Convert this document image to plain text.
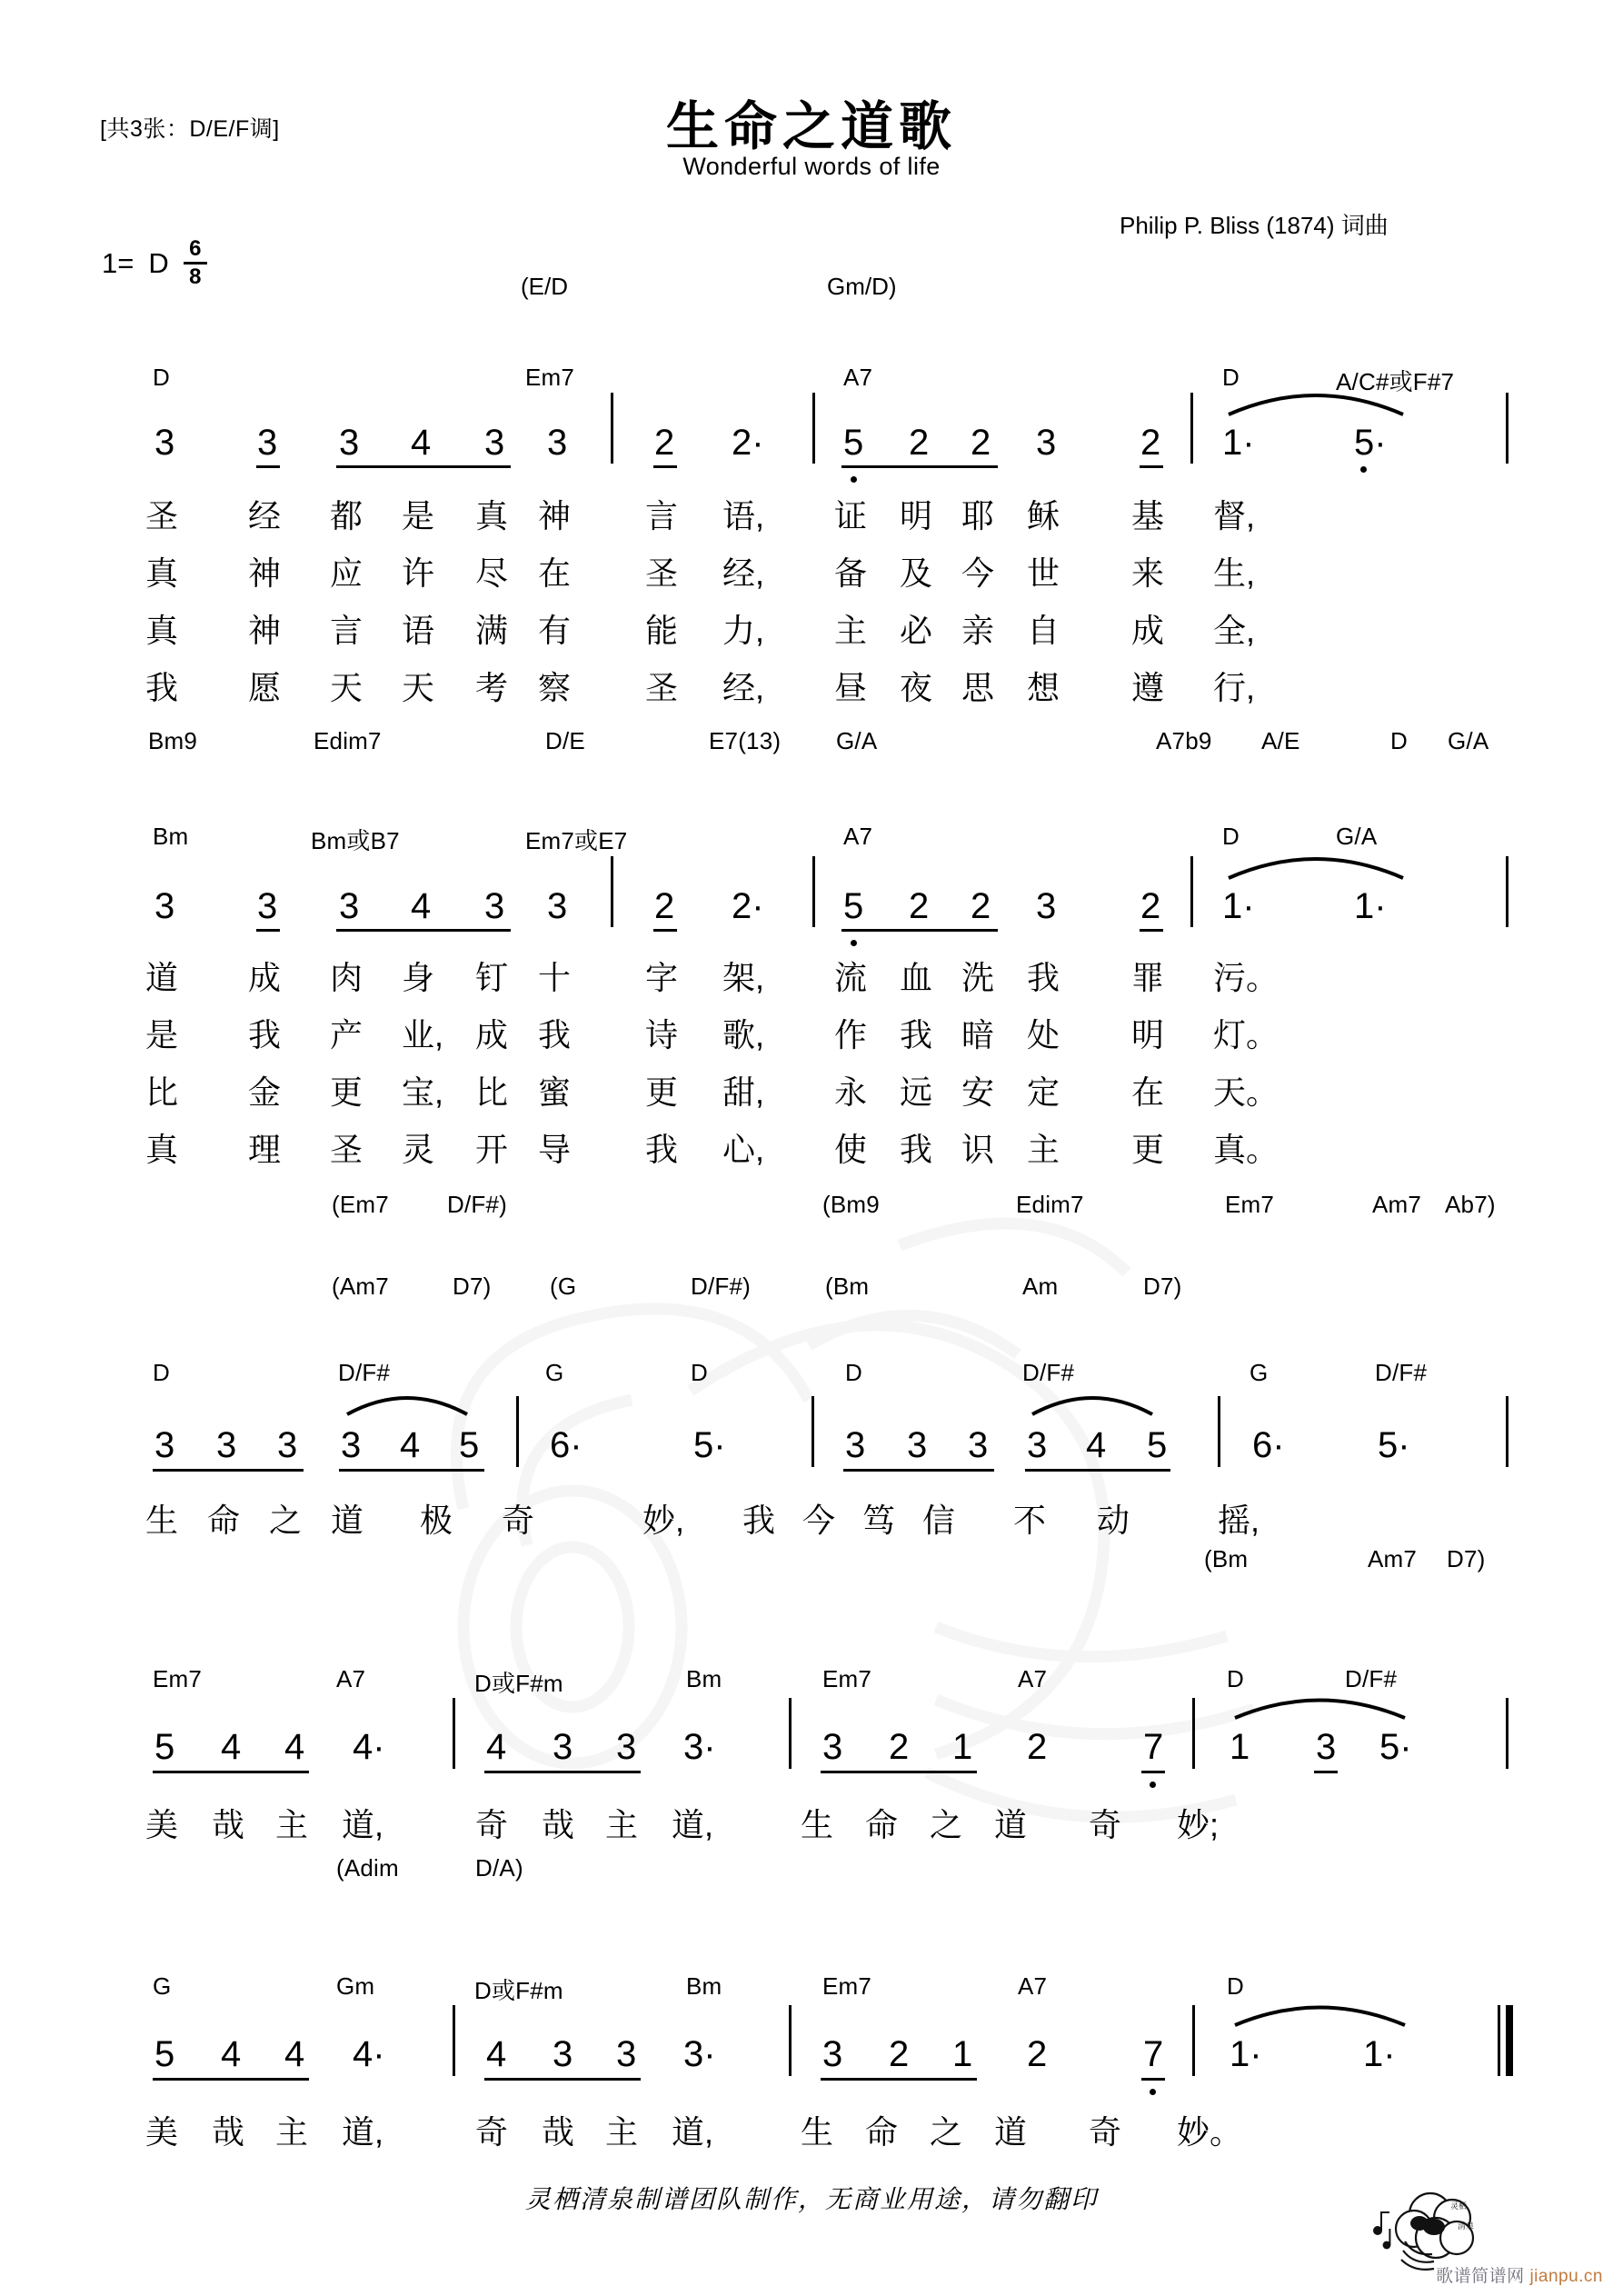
[共3张：D/E/F调]	生命之道歌
Wonderful words of life
Philip P. Bliss (1874) 词曲
1= D $\frac{6}{8}$	(E/D	Gm/D)
D	Em7	A7	D	A/C#或F#7
3 3 3 4 3 3 2 2· 5 2 2 3 2 1·	5·
圣 经 都 是 真 神 言 语, 证 明 耶 稣 基 督,
真 神 应 许 尽 在 圣 经, 备 及 今 世 来 生,
真 神 言 语 满 有 能 力, 主 必 亲 自 成 全,
我 愿 天 天 考 察 圣 经, 昼 夜 思 想 遵 行,
Bm9	Edim7	D/E	E7(13) G/A	A7b9 A/E	D G/A
Bm	Bm或B7	Em7或E7	A7	D	G/A
3 3 3 4 3 3 2 2· 5 2 2 3 2 1·	1·
道 成 肉 身 钉 十 字 架, 流 血 洗 我 罪 污。
是 我 产 业, 成 我 诗 歌, 作 我 暗 处 明 灯。
比 金 更 宝, 比 蜜 更 甜, 永 远 安 定 在 天。
真 理 圣 灵 开 导 我 心, 使 我 识 主 更 真。
(Em7 D/F#)	(Bm9	Edim7	Em7	Am7 Ab7)
(Am7	D7) (G	D/F#)	(Bm	Am	D7)
D	D/F#	G	D	D	D/F#	G	D/F#
3 3 3 3 4 5 6·	5·	3 3 3 3 4 5 6·	5·
生 命 之 道 极 奇	妙, 我 今 笃 信 不 动	摇,
(Bm	Am7 D7)
Em7	A7	D或F#m	Bm	Em7	A7	D	D/F#
5 4 4 4·	4 3 3 3·	3 2 1 2	7 1 3 5·
美 哉 主 道,	奇 哉 主 道,	生 命 之 道 奇 妙;
(Adim	D/A)
G	Gm	D或F#m	Bm	Em7	A7	D
5 4 4 4·	4 3 3 3·	3 2 1 2	7 1·	1·
美 哉 主 道,	奇 哉 主 道,	生 命 之 道 奇 妙。
灵栖清泉制谱团队制作，无商业用途，请勿翻印	灵栖
清泉
歌谱简谱网 jianpu.cn
